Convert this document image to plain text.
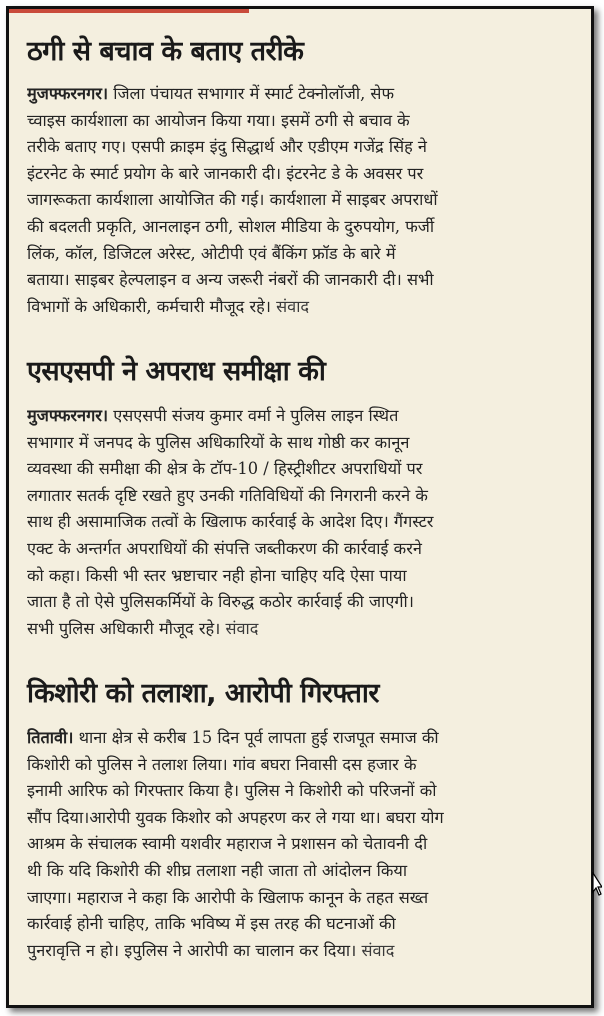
ठगी से बचाव के बताए तरीके
मुजफ्फरनगर। जिला पंचायत सभागार में स्मार्ट टेक्नोलॉजी, सेफ
च्वाइस कार्यशाला का आयोजन किया गया। इसमें ठगी से बचाव के
तरीके बताए गए। एसपी क्राइम इंदु सिद्धार्थ और एडीएम गजेंद्र सिंह ने
इंटरनेट के स्मार्ट प्रयोग के बारे जानकारी दी। इंटरनेट डे के अवसर पर
जागरूकता कार्यशाला आयोजित की गई। कार्यशाला में साइबर अपराधों
की बदलती प्रकृति, आनलाइन ठगी, सोशल मीडिया के दुरुपयोग, फर्जी
लिंक, कॉल, डिजिटल अरेस्ट, ओटीपी एवं बैंकिंग फ्रॉड के बारे में
बताया। साइबर हेल्पलाइन व अन्य जरूरी नंबरों की जानकारी दी। सभी
विभागों के अधिकारी, कर्मचारी मौजूद रहे। संवाद
एसएसपी ने अपराध समीक्षा की
मुजफ्फरनगर। एसएसपी संजय कुमार वर्मा ने पुलिस लाइन स्थित
सभागार में जनपद के पुलिस अधिकारियों के साथ गोष्ठी कर कानून
व्यवस्था की समीक्षा की क्षेत्र के टॉप-10 / हिस्ट्रीशीटर अपराधियों पर
लगातार सतर्क दृष्टि रखते हुए उनकी गतिविधियों की निगरानी करने के
साथ ही असामाजिक तत्वों के खिलाफ कार्रवाई के आदेश दिए। गैंगस्टर
एक्ट के अन्तर्गत अपराधियों की संपत्ति जब्तीकरण की कार्रवाई करने
को कहा। किसी भी स्तर भ्रष्टाचार नही होना चाहिए यदि ऐसा पाया
जाता है तो ऐसे पुलिसकर्मियों के विरुद्ध कठोर कार्रवाई की जाएगी।
सभी पुलिस अधिकारी मौजूद रहे। संवाद
किशोरी को तलाशा, आरोपी गिरफ्तार
तितावी। थाना क्षेत्र से करीब 15 दिन पूर्व लापता हुई राजपूत समाज की
किशोरी को पुलिस ने तलाश लिया। गांव बघरा निवासी दस हजार के
इनामी आरिफ को गिरफ्तार किया है। पुलिस ने किशोरी को परिजनों को
सौंप दिया।आरोपी युवक किशोर को अपहरण कर ले गया था। बघरा योग
आश्रम के संचालक स्वामी यशवीर महाराज ने प्रशासन को चेतावनी दी
थी कि यदि किशोरी की शीघ्र तलाशा नही जाता तो आंदोलन किया
जाएगा। महाराज ने कहा कि आरोपी के खिलाफ कानून के तहत सख्त
कार्रवाई होनी चाहिए, ताकि भविष्य में इस तरह की घटनाओं की
पुनरावृत्ति न हो। इपुलिस ने आरोपी का चालान कर दिया। संवाद
